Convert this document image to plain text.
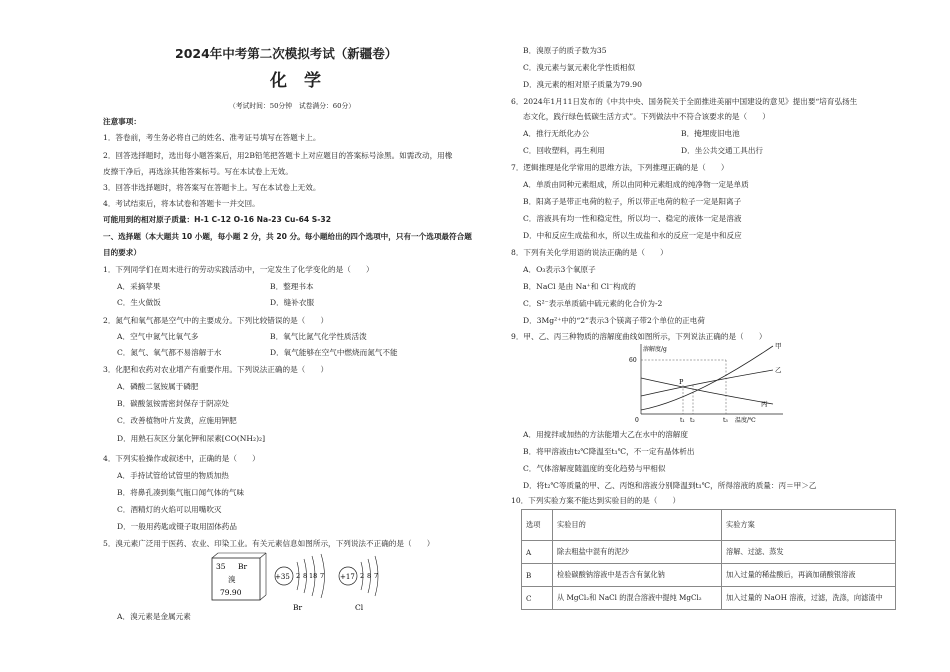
2024年中考第二次模拟考试（新疆卷）
化　学
（考试时间：50分钟　试卷满分：60分）
注意事项：
1．答卷前，考生务必将自己的姓名、准考证号填写在答题卡上。
2．回答选择题时，选出每小题答案后，用2B铅笔把答题卡上对应题目的答案标号涂黑。如需改动，用橡
皮擦干净后，再选涂其他答案标号。写在本试卷上无效。
3．回答非选择题时，将答案写在答题卡上。写在本试卷上无效。
4．考试结束后，将本试卷和答题卡一并交回。
可能用到的相对原子质量：H-1 C-12 O-16 Na-23 Cu-64 S-32
一、选择题（本大题共 10 小题，每小题 2 分，共 20 分。每小题给出的四个选项中，只有一个选项最符合题
目的要求）
1．下列同学们在周末进行的劳动实践活动中，一定发生了化学变化的是（　　）
A．采摘苹果	B．整理书本
C．生火做饭	D．缝补衣服
2．氮气和氧气都是空气中的主要成分。下列比较错误的是（　　）
A．空气中氮气比氧气多	B．氧气比氮气化学性质活泼
C．氮气、氧气都不易溶解于水	D．氧气能够在空气中燃烧而氮气不能
3．化肥和农药对农业增产有重要作用。下列说法正确的是（　　）
A．磷酸二氢铵属于磷肥
B．碳酸氢铵需密封保存于阴凉处
C．改善植物叶片发黄，应施用钾肥
D．用熟石灰区分氯化钾和尿素[CO(NH₂)₂]
4．下列实验操作或叙述中，正确的是（　　）
A．手持试管给试管里的物质加热
B．将鼻孔凑到集气瓶口闻气体的气味
C．酒精灯的火焰可以用嘴吹灭
D．一般用药匙或镊子取用固体药品
5．溴元素广泛用于医药、农业、印染工业。有关元素信息如图所示，下列说法不正确的是（　　）
35 Br
溴
79.90
+35 2 8 18 7
Br
+17 2 8 7
Cl
A．溴元素是金属元素
B．溴原子的质子数为35
C．溴元素与氯元素化学性质相似
D．溴元素的相对原子质量为79.90
6．2024年1月11日发布的《中共中央、国务院关于全面推进美丽中国建设的意见》提出要“培育弘扬生
态文化，践行绿色低碳生活方式”。下列做法中不符合该要求的是（　　）
A．推行无纸化办公	B．掩埋废旧电池
C．回收塑料，再生利用	D．坐公共交通工具出行
7．逻辑推理是化学常用的思维方法，下列推理正确的是（　　）
A．单质由同种元素组成，所以由同种元素组成的纯净物一定是单质
B．阳离子是带正电荷的粒子，所以带正电荷的粒子一定是阳离子
C．溶液具有均一性和稳定性，所以均一、稳定的液体一定是溶液
D．中和反应生成盐和水，所以生成盐和水的反应一定是中和反应
8．下列有关化学用语的说法正确的是（　　）
A．O₃表示3个氧原子
B．NaCl 是由 Na⁺和 Cl⁻构成的
C．S²⁻表示单质硫中硫元素的化合价为-2
D．3Mg²⁺中的“2”表示3个镁离子带2个单位的正电荷
9．甲、乙、丙三种物质的溶解度曲线如图所示，下列说法正确的是（　　）
溶解度/g
60
0	t₁ t₂	t₃ 温度/℃
甲
乙
丙
P
A．用搅拌或加热的方法能增大乙在水中的溶解度
B．将甲溶液由t₂℃降温至t₁℃，不一定有晶体析出
C．气体溶解度随温度的变化趋势与甲相似
D．将t₂℃等质量的甲、乙、丙饱和溶液分别降温到t₁℃，所得溶液的质量：丙＝甲＞乙
10．下列实验方案不能达到实验目的的是（　　）
选项	实验目的	实验方案
A	除去粗盐中混有的泥沙	溶解、过滤、蒸发
B	检验碳酸钠溶液中是否含有氯化钠	加入过量的稀盐酸后，再滴加硝酸银溶液
C	从 MgCl₂和 NaCl 的混合溶液中提纯 MgCl₂	加入过量的 NaOH 溶液，过滤，洗涤，向滤渣中
